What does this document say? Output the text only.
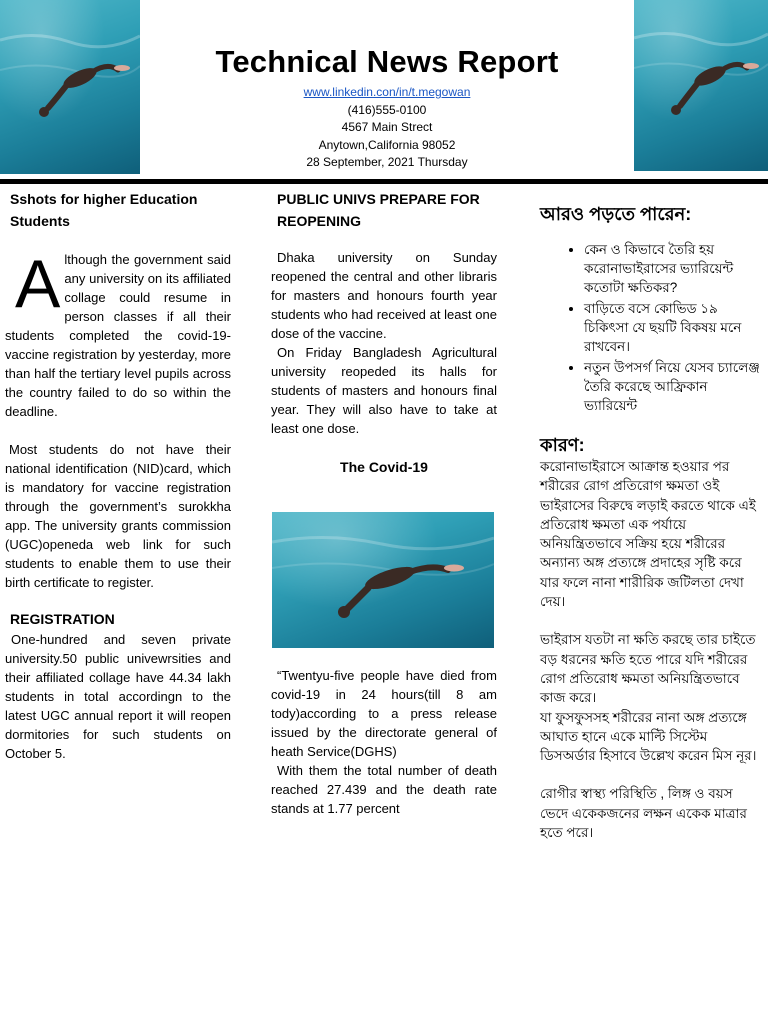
Technical News Report
www.linkedin.con/in/t.megowan
(416)555-0100
4567 Main Strect
Anytown,California 98052
28 September, 2021 Thursday
Sshots for higher Education Students
A lthough the government said any university on its affiliated collage could resume in person classes if all their students completed the covid-19-vaccine registration by yesterday, more than half the tertiary level pupils across the country failed to do so within the deadline.

Most students do not have their national identification (NID)card, which is mandatory for vaccine registration through the government’s surokkha app. The university grants commission (UGC)openeda web link for such students to enable them to use their birth certificate to register.

REGISTRATION

One-hundred and seven private university.50 public univewrsities and their affiliated collage have 44.34 lakh students in total accordingn to the latest UGC annual report it will reopen dormitories for such students on October 5.

PUBLIC UNIVS PREPARE FOR REOPENING

Dhaka university on Sunday reopened the central and other libraris for masters and honours fourth year students who had received at least one dose of the vaccine.

On Friday Bangladesh Agricultural university reopeded its halls for students of masters and honours final year. They will also have to take at least one dose.

The Covid-19

“Twentyu-five people have died from covid-19 in 24 hours(till 8 am tody)according to a press release issued by the directorate general of heath Service(DGHS)

With them the total number of death reached 27.439 and the death rate stands at 1.77 percent

আরও পড়তে পারেন:
• কেন ও কিভাবে তৈরি হয় করোনাভাইরাসের ভ্যারিয়েন্ট কতোটা ক্ষতিকর?
• বাড়িতে বসে কোভিড ১৯ চিকিৎসা যে ছয়টি বিকষয় মনে রাখবেন।
• নতুন উপসর্গ নিয়ে যেসব চ্যালেঞ্জ তৈরি করেছে আফ্রিকান ভ্যারিয়েন্ট
কারণ:

করোনাভাইরাসে আক্রান্ত হওয়ার পর শরীরের রোগ প্রতিরোগ ক্ষমতা ওই ভাইরাসের বিরুদ্বে লড়াই করতে থাকে এই প্রতিরোধ ক্ষমতা এক পর্যায়ে অনিয়ন্ত্রিতভাবে সক্রিয় হয়ে শরীরের অন্যান্য অঙ্গ প্রত্যঙ্গে প্রদাহের সৃষ্টি করে যার ফলে নানা শারীরিক জটিলতা দেখা দেয়।

ভাইরাস যতটা না ক্ষতি করছে তার চাইতে বড় ধরনের ক্ষতি হতে পারে যদি শরীরের রোগ প্রতিরোধ ক্ষমতা অনিয়ন্ত্রিতভাবে কাজ করে।

যা ফুসফুসসহ শরীরের নানা অঙ্গ প্রত্যঙ্গে আঘাত হানে একে মাল্টি সিস্টেম ডিসঅর্ডার হিসাবে উল্লেখ করেন মিস নূর।

রোগীর স্বাস্থ্য পরিস্থিতি , লিঙ্গ ও বয়স ভেদে একেকজনের লক্ষন একেক মাত্রার হতে পরে।
